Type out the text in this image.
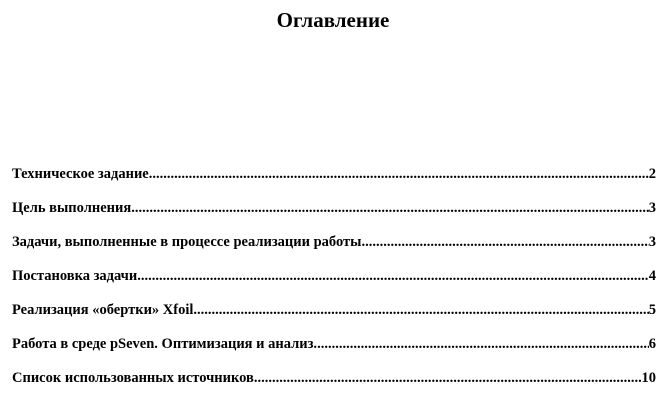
Оглавление
Техническое задание .....	2
Цель выполнения .....	3
Задачи, выполненные в процессе реализации работы .....	3
Постановка задачи. .....	4
Реализация «обертки» Xfoil. .....	5
Работа в среде pSeven. Оптимизация и анализ. .....	6
Список использованных источников .....	10
